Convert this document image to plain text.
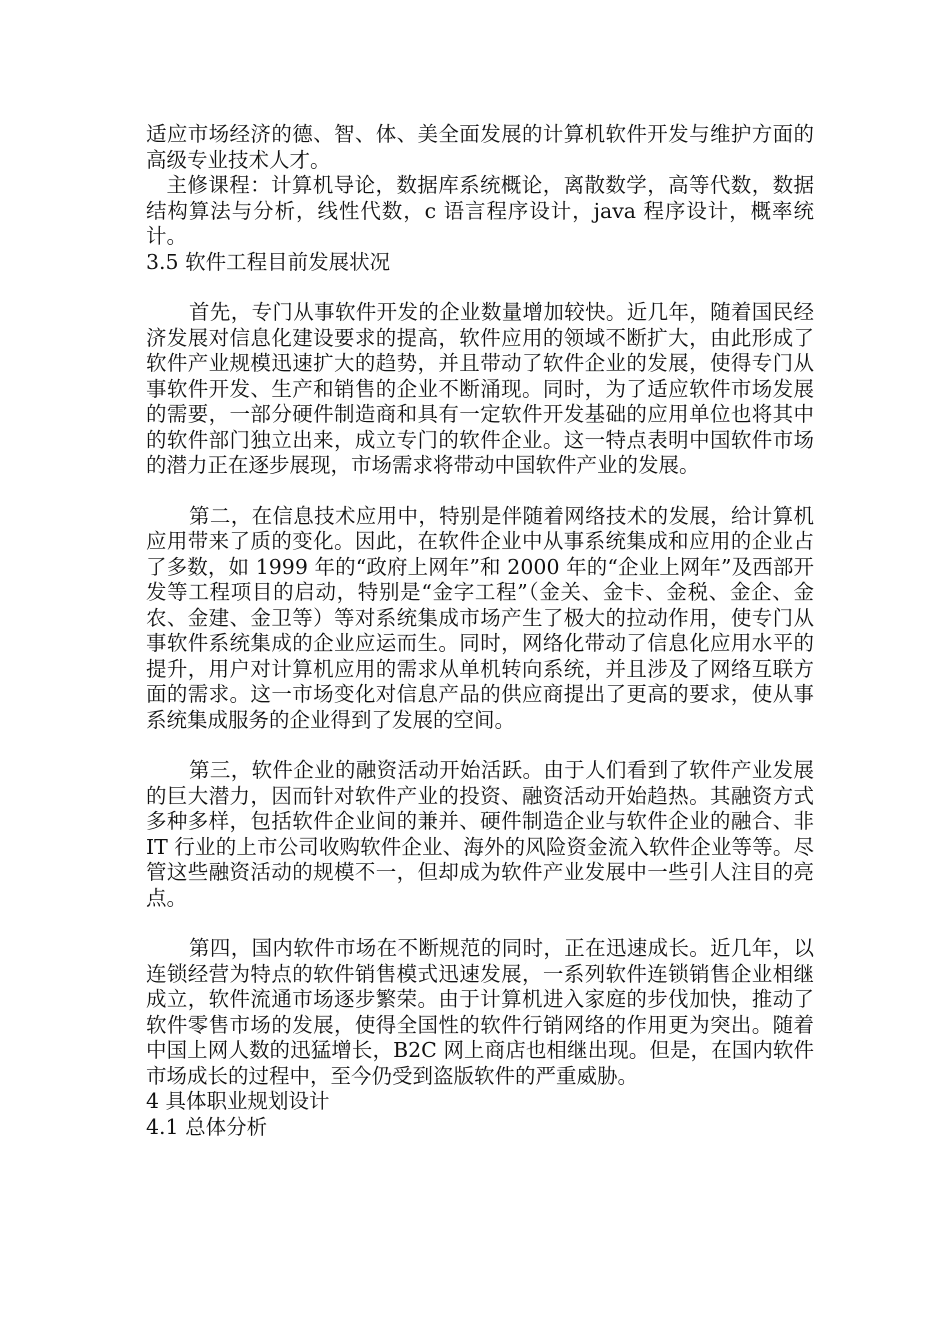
适应市场经济的德、智、体、美全面发展的计算机软件开发与维护方面的高级专业技术人才。

主修课程：计算机导论，数据库系统概论，离散数学，高等代数，数据结构算法与分析，线性代数，c 语言程序设计，java 程序设计，概率统计。

3.5 软件工程目前发展状况

首先，专门从事软件开发的企业数量增加较快。近几年，随着国民经济发展对信息化建设要求的提高，软件应用的领域不断扩大，由此形成了软件产业规模迅速扩大的趋势，并且带动了软件企业的发展，使得专门从事软件开发、生产和销售的企业不断涌现。同时，为了适应软件市场发展的需要，一部分硬件制造商和具有一定软件开发基础的应用单位也将其中的软件部门独立出来，成立专门的软件企业。这一特点表明中国软件市场的潜力正在逐步展现，市场需求将带动中国软件产业的发展。

第二，在信息技术应用中，特别是伴随着网络技术的发展，给计算机应用带来了质的变化。因此，在软件企业中从事系统集成和应用的企业占了多数，如 1999 年的“政府上网年”和 2000 年的“企业上网年”及西部开发等工程项目的启动，特别是“金字工程”（金关、金卡、金税、金企、金农、金建、金卫等）等对系统集成市场产生了极大的拉动作用，使专门从事软件系统集成的企业应运而生。同时，网络化带动了信息化应用水平的提升，用户对计算机应用的需求从单机转向系统，并且涉及了网络互联方面的需求。这一市场变化对信息产品的供应商提出了更高的要求，使从事系统集成服务的企业得到了发展的空间。

第三，软件企业的融资活动开始活跃。由于人们看到了软件产业发展的巨大潜力，因而针对软件产业的投资、融资活动开始趋热。其融资方式多种多样，包括软件企业间的兼并、硬件制造企业与软件企业的融合、非 IT 行业的上市公司收购软件企业、海外的风险资金流入软件企业等等。尽管这些融资活动的规模不一，但却成为软件产业发展中一些引人注目的亮点。

第四，国内软件市场在不断规范的同时，正在迅速成长。近几年，以连锁经营为特点的软件销售模式迅速发展，一系列软件连锁销售企业相继成立，软件流通市场逐步繁荣。由于计算机进入家庭的步伐加快，推动了软件零售市场的发展，使得全国性的软件行销网络的作用更为突出。随着中国上网人数的迅猛增长，B2C 网上商店也相继出现。但是，在国内软件市场成长的过程中，至今仍受到盗版软件的严重威胁。

4 具体职业规划设计

4.1 总体分析
